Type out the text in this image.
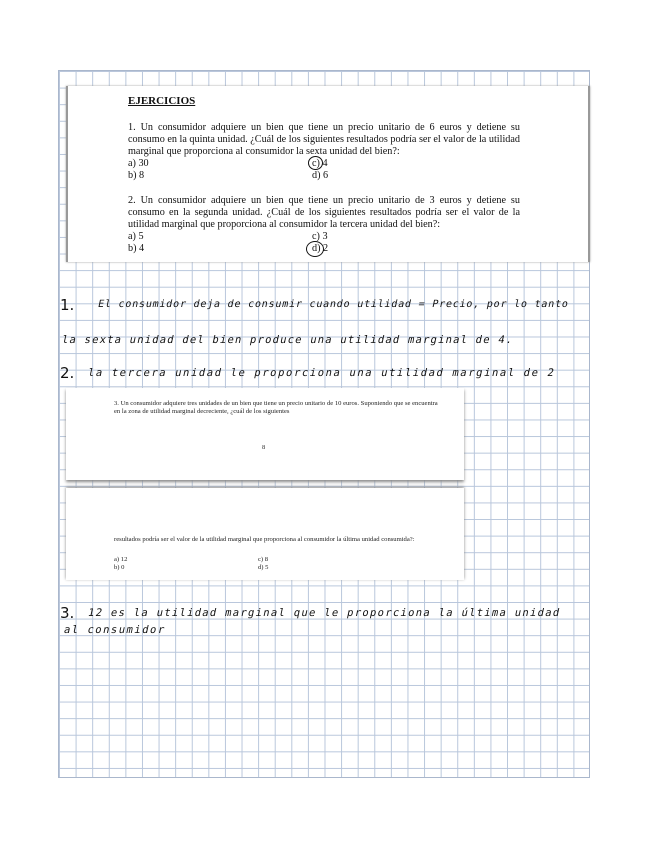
EJERCICIOS
1. Un consumidor adquiere un bien que tiene un precio unitario de 6 euros y detiene su consumo en la quinta unidad. ¿Cuál de los siguientes resultados podría ser el valor de la utilidad marginal que proporciona al consumidor la sexta unidad del bien?:
a) 30	c) 4
b) 8	d) 6
2. Un consumidor adquiere un bien que tiene un precio unitario de 3 euros y detiene su consumo en la segunda unidad. ¿Cuál de los siguientes resultados podría ser el valor de la utilidad marginal que proporciona al consumidor la tercera unidad del bien?:
a) 5	c) 3
b) 4	d) 2
1. El consumidor deja de consumir cuando utilidad = Precio, por lo tanto
la sexta unidad del bien produce una utilidad marginal de 4.
2. la tercera unidad le proporciona una utilidad marginal de 2
3. Un consumidor adquiere tres unidades de un bien que tiene un precio unitario de 10 euros. Suponiendo que se encuentra en la zona de utilidad marginal decreciente, ¿cuál de los siguientes
8
resultados podría ser el valor de la utilidad marginal que proporciona al consumidor la última unidad consumida?:
a) 12	c) 8
b) 0	d) 5
3. 12 es la utilidad marginal que le proporciona la última unidad
al consumidor
